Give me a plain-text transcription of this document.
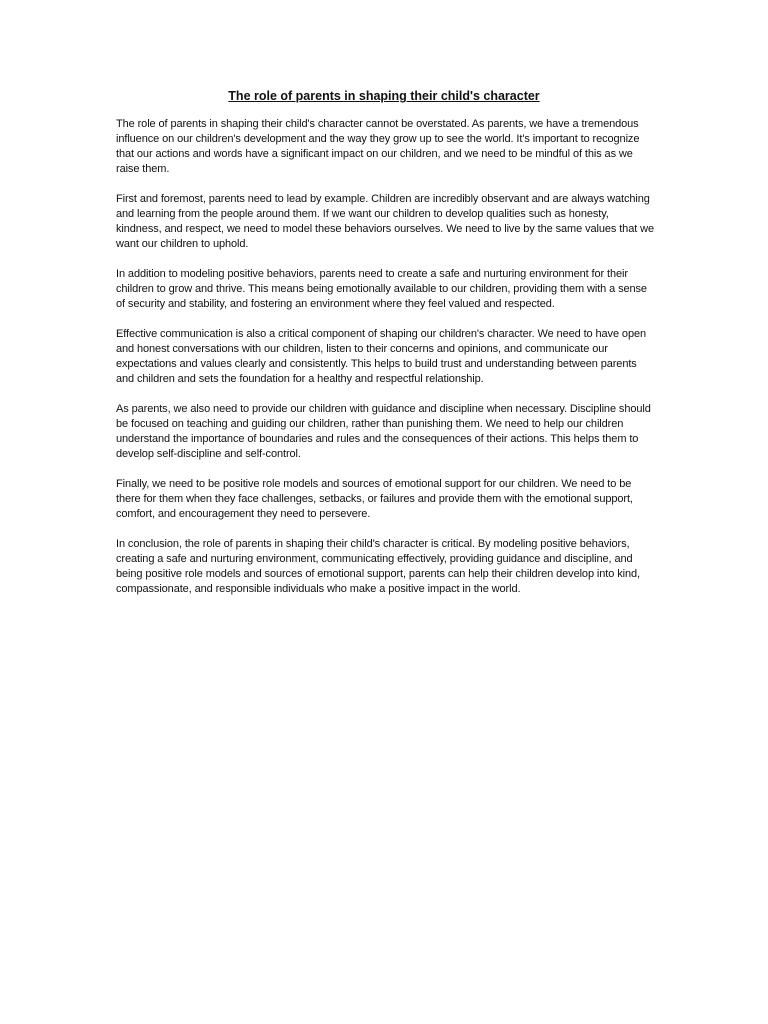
The role of parents in shaping their child's character

The role of parents in shaping their child's character cannot be overstated. As parents, we have a tremendous influence on our children's development and the way they grow up to see the world. It's important to recognize that our actions and words have a significant impact on our children, and we need to be mindful of this as we raise them.

First and foremost, parents need to lead by example. Children are incredibly observant and are always watching and learning from the people around them. If we want our children to develop qualities such as honesty, kindness, and respect, we need to model these behaviors ourselves. We need to live by the same values that we want our children to uphold.

In addition to modeling positive behaviors, parents need to create a safe and nurturing environment for their children to grow and thrive. This means being emotionally available to our children, providing them with a sense of security and stability, and fostering an environment where they feel valued and respected.

Effective communication is also a critical component of shaping our children's character. We need to have open and honest conversations with our children, listen to their concerns and opinions, and communicate our expectations and values clearly and consistently. This helps to build trust and understanding between parents and children and sets the foundation for a healthy and respectful relationship.

As parents, we also need to provide our children with guidance and discipline when necessary. Discipline should be focused on teaching and guiding our children, rather than punishing them. We need to help our children understand the importance of boundaries and rules and the consequences of their actions. This helps them to develop self-discipline and self-control.

Finally, we need to be positive role models and sources of emotional support for our children. We need to be there for them when they face challenges, setbacks, or failures and provide them with the emotional support, comfort, and encouragement they need to persevere.

In conclusion, the role of parents in shaping their child's character is critical. By modeling positive behaviors, creating a safe and nurturing environment, communicating effectively, providing guidance and discipline, and being positive role models and sources of emotional support, parents can help their children develop into kind, compassionate, and responsible individuals who make a positive impact in the world.
